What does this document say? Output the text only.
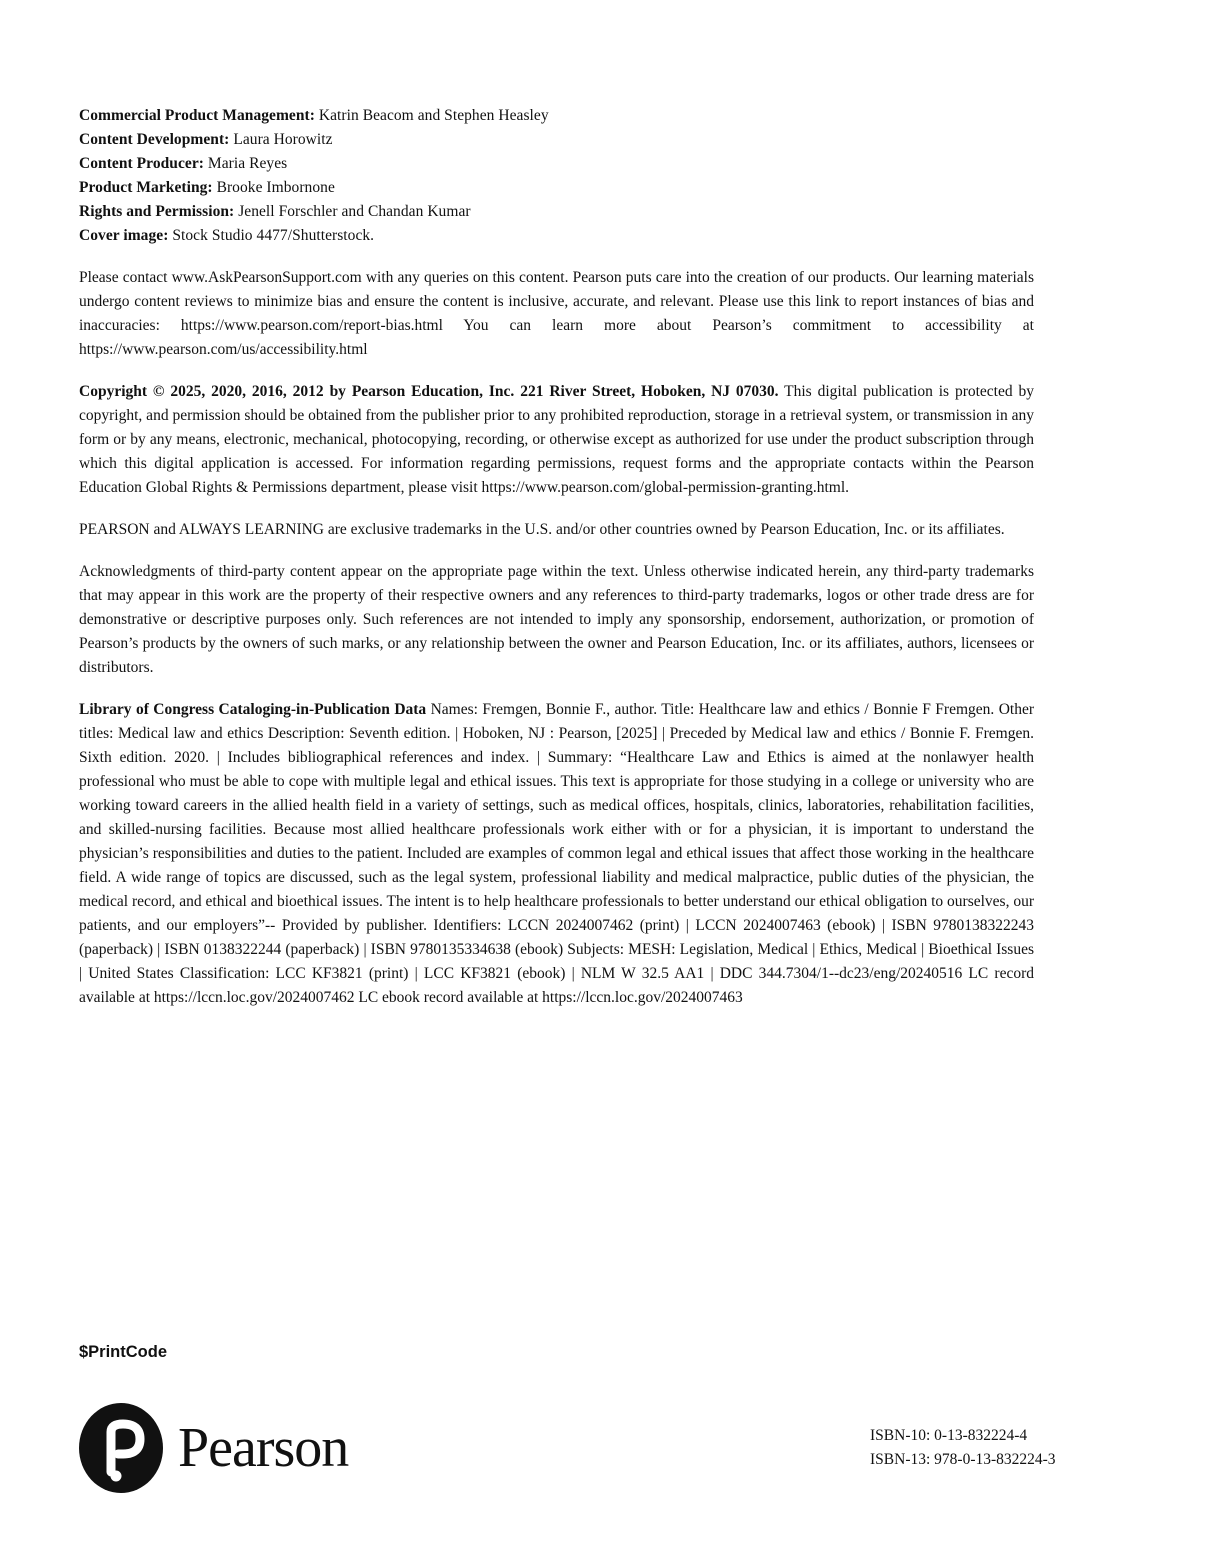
Commercial Product Management: Katrin Beacom and Stephen Heasley
Content Development: Laura Horowitz
Content Producer: Maria Reyes
Product Marketing: Brooke Imbornone
Rights and Permission: Jenell Forschler and Chandan Kumar
Cover image: Stock Studio 4477/Shutterstock.

Please contact www.AskPearsonSupport.com with any queries on this content. Pearson puts care into the creation of our products. Our learning materials undergo content reviews to minimize bias and ensure the content is inclusive, accurate, and relevant. Please use this link to report instances of bias and inaccuracies: https://www.pearson.com/report-bias.html You can learn more about Pearson’s commitment to accessibility at https://www.pearson.com/us/accessibility.html

Copyright © 2025, 2020, 2016, 2012 by Pearson Education, Inc. 221 River Street, Hoboken, NJ 07030. This digital publication is protected by copyright, and permission should be obtained from the publisher prior to any prohibited reproduction, storage in a retrieval system, or transmission in any form or by any means, electronic, mechanical, photocopying, recording, or otherwise except as authorized for use under the product subscription through which this digital application is accessed. For information regarding permissions, request forms and the appropriate contacts within the Pearson Education Global Rights & Permissions department, please visit https://www.pearson.com/global-permission-granting.html.

PEARSON and ALWAYS LEARNING are exclusive trademarks in the U.S. and/or other countries owned by Pearson Education, Inc. or its affiliates.

Acknowledgments of third-party content appear on the appropriate page within the text. Unless otherwise indicated herein, any third-party trademarks that may appear in this work are the property of their respective owners and any references to third-party trademarks, logos or other trade dress are for demonstrative or descriptive purposes only. Such references are not intended to imply any sponsorship, endorsement, authorization, or promotion of Pearson’s products by the owners of such marks, or any relationship between the owner and Pearson Education, Inc. or its affiliates, authors, licensees or distributors.

Library of Congress Cataloging-in-Publication Data Names: Fremgen, Bonnie F., author. Title: Healthcare law and ethics / Bonnie F Fremgen. Other titles: Medical law and ethics Description: Seventh edition. | Hoboken, NJ : Pearson, [2025] | Preceded by Medical law and ethics / Bonnie F. Fremgen. Sixth edition. 2020. | Includes bibliographical references and index. | Summary: “Healthcare Law and Ethics is aimed at the nonlawyer health professional who must be able to cope with multiple legal and ethical issues. This text is appropriate for those studying in a college or university who are working toward careers in the allied health field in a variety of settings, such as medical offices, hospitals, clinics, laboratories, rehabilitation facilities, and skilled-nursing facilities. Because most allied healthcare professionals work either with or for a physician, it is important to understand the physician’s responsibilities and duties to the patient. Included are examples of common legal and ethical issues that affect those working in the healthcare field. A wide range of topics are discussed, such as the legal system, professional liability and medical malpractice, public duties of the physician, the medical record, and ethical and bioethical issues. The intent is to help healthcare professionals to better understand our ethical obligation to ourselves, our patients, and our employers”-- Provided by publisher. Identifiers: LCCN 2024007462 (print) | LCCN 2024007463 (ebook) | ISBN 9780138322243 (paperback) | ISBN 0138322244 (paperback) | ISBN 9780135334638 (ebook) Subjects: MESH: Legislation, Medical | Ethics, Medical | Bioethical Issues | United States Classification: LCC KF3821 (print) | LCC KF3821 (ebook) | NLM W 32.5 AA1 | DDC 344.7304/1--dc23/eng/20240516 LC record available at https://lccn.loc.gov/2024007462 LC ebook record available at https://lccn.loc.gov/2024007463

$PrintCode
Pearson	ISBN-10: 0-13-832224-4
ISBN-13: 978-0-13-832224-3
